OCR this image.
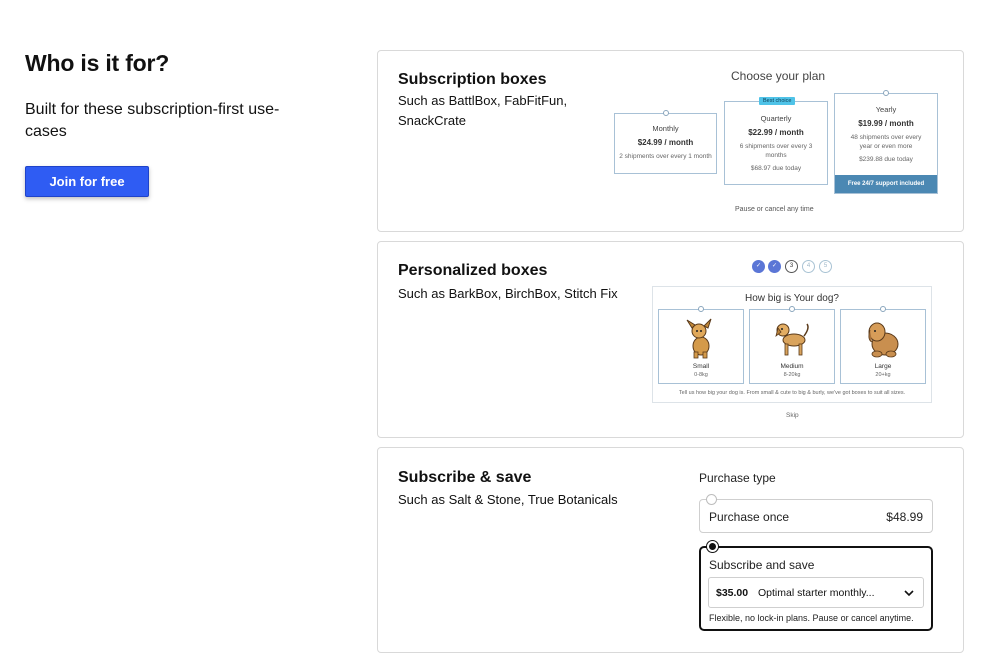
Who is it for?

Built for these subscription-first use-cases

Join for free
Subscription boxes
Such as BattlBox, FabFitFun, SnackCrate
Choose your plan
Monthly
$24.99 / month
2 shipments over every 1 month
Best choice
Quarterly
$22.99 / month
6 shipments over every 3 months
$68.97 due today
Yearly
$19.99 / month
48 shipments over every year or even more
$239.88 due today
Free 24/7 support included
Pause or cancel any time
Personalized boxes
Such as BarkBox, BirchBox, Stitch Fix
✓	✓	3	4	5
How big is Your dog?
Small
0-8kg
Medium
8-20kg
Large
20+kg
Tell us how big your dog is. From small & cute to big & burly, we've got boxes to suit all sizes.
Skip
Subscribe & save
Such as Salt & Stone, True Botanicals
Purchase type
Purchase once	$48.99
Subscribe and save
$35.00 Optimal starter monthly...
Flexible, no lock-in plans. Pause or cancel anytime.
